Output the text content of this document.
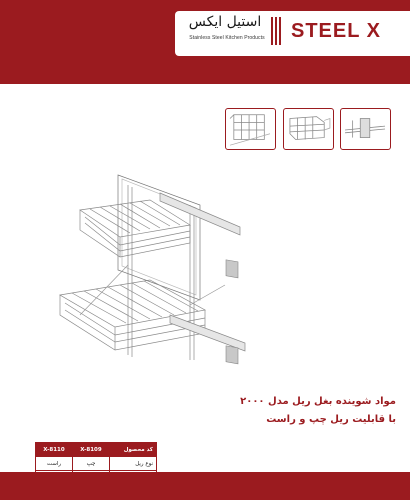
استیل ایکس
Stainless Steel Kitchen Products	STEEL X
مواد شوینده بغل ریل مدل ۲۰۰۰
با قابلیت ریل چپ و راست
X-8110	X-8109	کد محصول
راست	چپ	نوع ریل
